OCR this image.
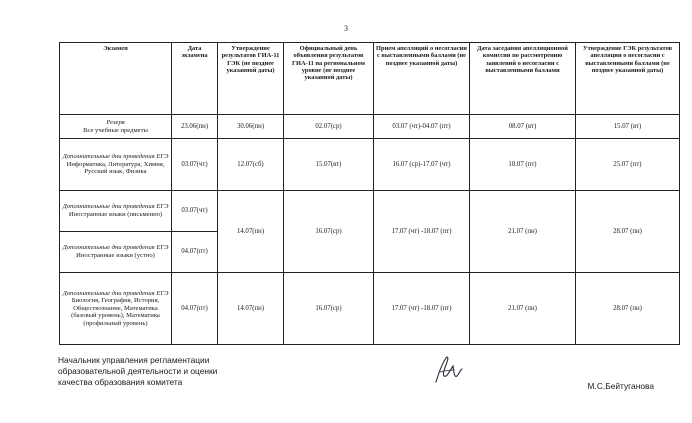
3
Экзамен	Дата экзамена	Утверждение результатов ГИА-11 ГЭК (не позднее указанной даты)	Официальный день объявления результатов ГИА-11 на региональном уровне (не позднее указанной даты)	Прием апелляций о несогласии с выставленными баллами (не позднее указанной даты)	Дата заседания апелляционной комиссии по рассмотрению заявлений о несогласии с выставленными баллами	Утверждение ГЭК результатов апелляции о несогласии с выставленными баллами (не позднее указанной даты)

Резерв
Все учебные предметы	23.06(пн)	30.06(пн)	02.07(ср)	03.07 (чт)-04.07 (пт)	08.07 (вт)	15.07 (вт)

Дополнительные дни проведения ЕГЭ
Информатика, Литература, Химия, Русский язык, Физика	03.07(чт)	12.07(сб)	15.07(вт)	16.07 (ср)-17.07 (чт)	18.07 (пт)	25.07 (пт)

Дополнительные дни проведения ЕГЭ
Иностранные языки (письменно)	03.07(чт)	14.07(пн)	16.07(ср)	17.07 (чт) -18.07 (пт)	21.07 (пн)	28.07 (пн)

Дополнительные дни проведения ЕГЭ
Иностранные языки (устно)	04.07(пт)					

Дополнительные дни проведения ЕГЭ
Биология, География, История, Обществознание, Математика (базовый уровень), Математика (профильный уровень)	04.07(пт)	14.07(пн)	16.07(ср)	17.07 (чт) -18.07 (пт)	21.07 (пн)	28.07 (пн)
Начальник управления регламентации
образовательной деятельности и оценки
качества образования комитета	М.С.Бейтуганова
